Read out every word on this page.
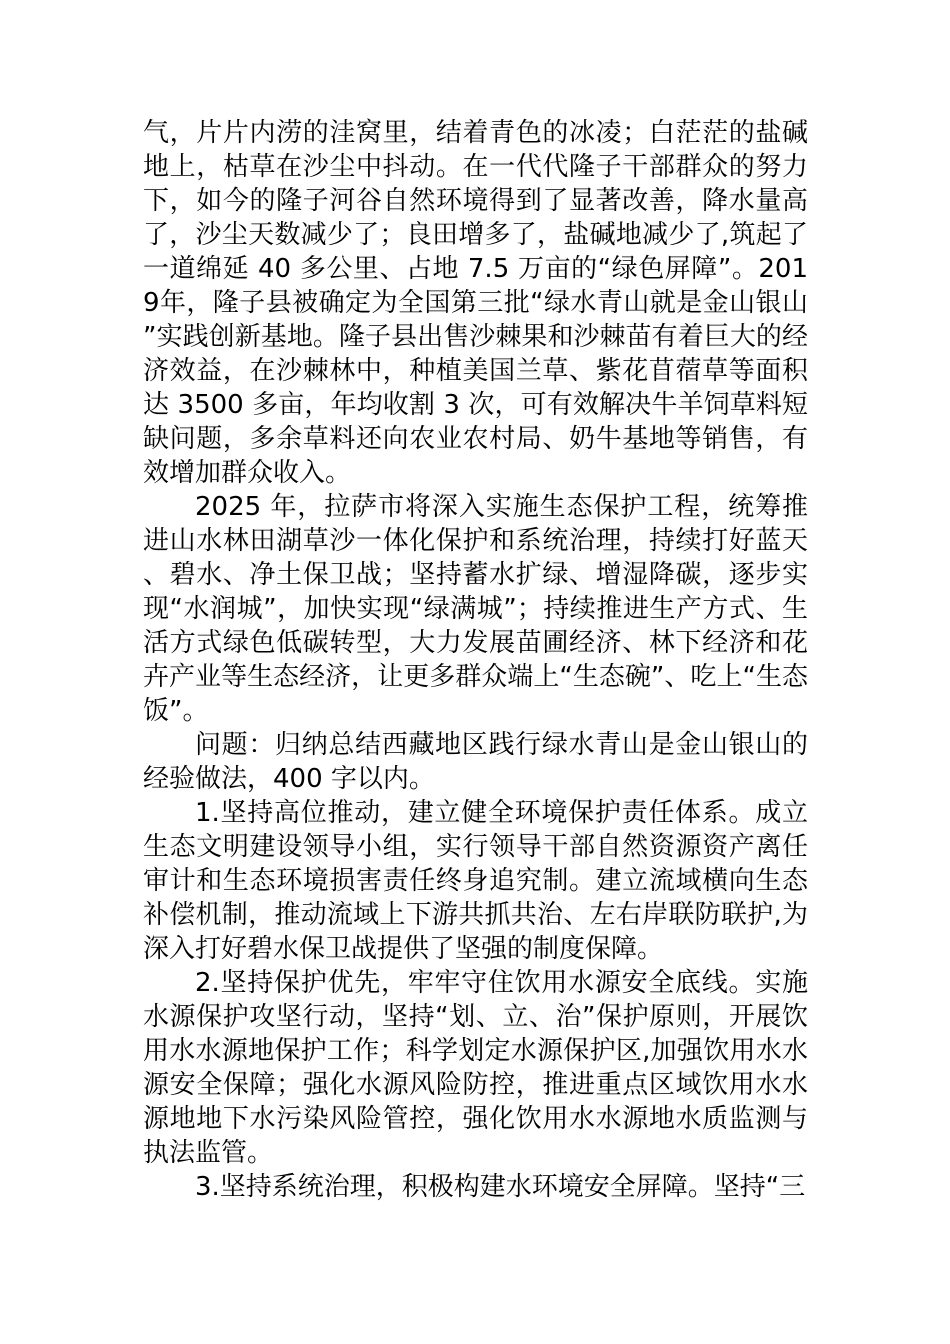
气，片片内涝的洼窝里，结着青色的冰凌；白茫茫的盐碱地上，枯草在沙尘中抖动。在一代代隆子干部群众的努力下，如今的隆子河谷自然环境得到了显著改善，降水量高了，沙尘天数减少了；良田增多了，盐碱地减少了,筑起了一道绵延 40 多公里、占地 7.5 万亩的“绿色屏障”。2019年，隆子县被确定为全国第三批“绿水青山就是金山银山”实践创新基地。隆子县出售沙棘果和沙棘苗有着巨大的经济效益，在沙棘林中，种植美国兰草、紫花苜蓿草等面积达 3500 多亩，年均收割 3 次，可有效解决牛羊饲草料短缺问题，多余草料还向农业农村局、奶牛基地等销售，有效增加群众收入。

2025 年，拉萨市将深入实施生态保护工程，统筹推进山水林田湖草沙一体化保护和系统治理，持续打好蓝天、碧水、净土保卫战；坚持蓄水扩绿、增湿降碳，逐步实现“水润城”，加快实现“绿满城”；持续推进生产方式、生活方式绿色低碳转型，大力发展苗圃经济、林下经济和花卉产业等生态经济，让更多群众端上“生态碗”、吃上“生态饭”。

问题：归纳总结西藏地区践行绿水青山是金山银山的经验做法，400 字以内。

1.坚持高位推动，建立健全环境保护责任体系。成立生态文明建设领导小组，实行领导干部自然资源资产离任审计和生态环境损害责任终身追究制。建立流域横向生态补偿机制，推动流域上下游共抓共治、左右岸联防联护,为深入打好碧水保卫战提供了坚强的制度保障。

2.坚持保护优先，牢牢守住饮用水源安全底线。实施水源保护攻坚行动，坚持“划、立、治”保护原则，开展饮用水水源地保护工作；科学划定水源保护区,加强饮用水水源安全保障；强化水源风险防控，推进重点区域饮用水水源地地下水污染风险管控，强化饮用水水源地水质监测与执法监管。

3.坚持系统治理，积极构建水环境安全屏障。坚持“三
